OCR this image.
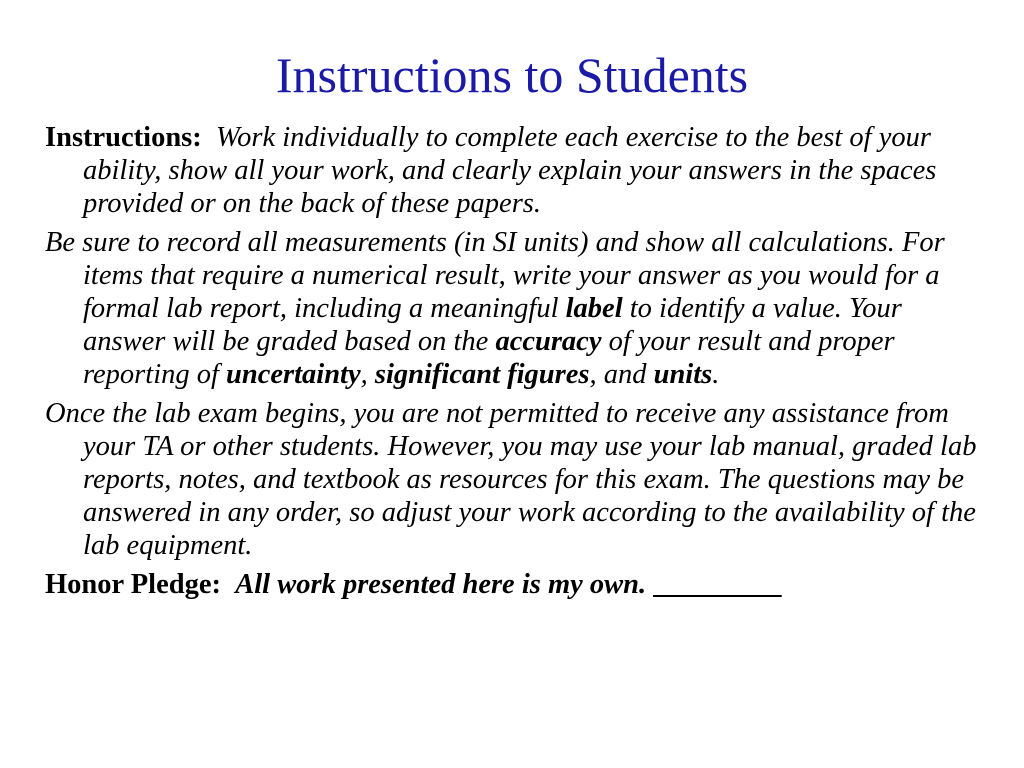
Instructions to Students

Instructions: Work individually to complete each exercise to the best of your ability, show all your work, and clearly explain your answers in the spaces provided or on the back of these papers.

Be sure to record all measurements (in SI units) and show all calculations. For items that require a numerical result, write your answer as you would for a formal lab report, including a meaningful label to identify a value. Your answer will be graded based on the accuracy of your result and proper reporting of uncertainty, significant figures, and units.

Once the lab exam begins, you are not permitted to receive any assistance from your TA or other students. However, you may use your lab manual, graded lab reports, notes, and textbook as resources for this exam. The questions may be answered in any order, so adjust your work according to the availability of the lab equipment.

Honor Pledge: All work presented here is my own. _________
